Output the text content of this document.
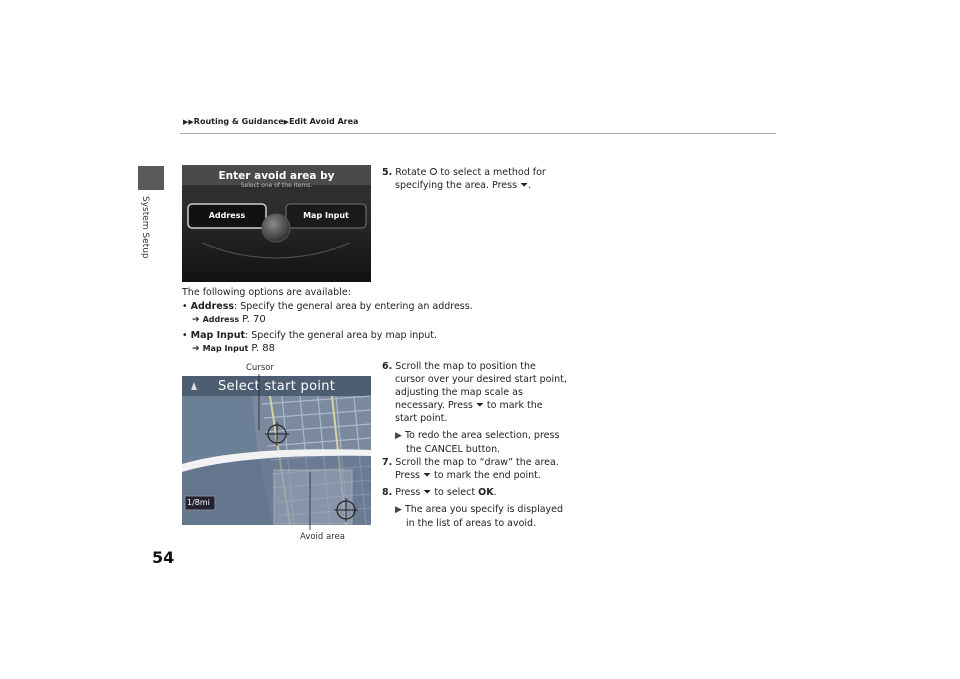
▶▶Routing & Guidance▶Edit Avoid Area
System Setup
Enter avoid area by
Select one of the items.
Address	Map Input
5. Rotate ⭘ to select a method for
specifying the area. Press ⏷.
The following options are available:
• Address: Specify the general area by entering an address.
➔ Address P. 70
• Map Input: Specify the general area by map input.
➔ Map Input P. 88
Cursor
Select start point
1/8mi
Avoid area
6. Scroll the map to position the
cursor over your desired start point,
adjusting the map scale as
necessary. Press ⏷ to mark the
start point.
▶ To redo the area selection, press
the CANCEL button.
7. Scroll the map to “draw” the area.
Press ⏷ to mark the end point.
8. Press ⏷ to select OK.
▶ The area you specify is displayed
in the list of areas to avoid.
54
